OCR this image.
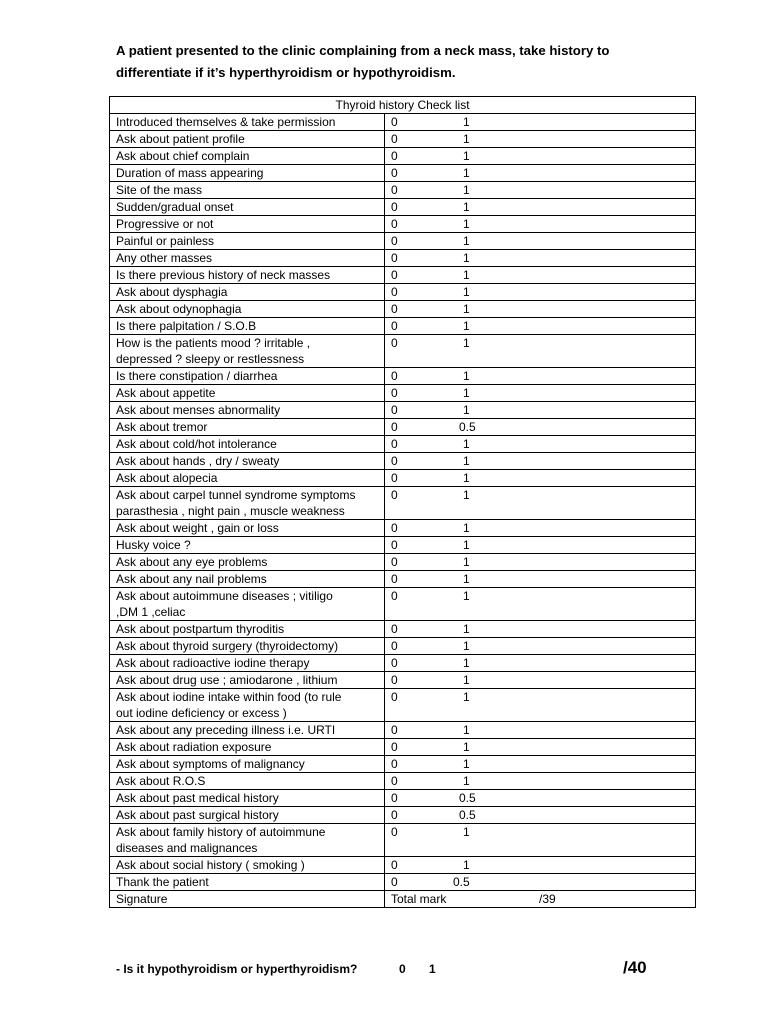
A patient presented to the clinic complaining from a neck mass, take history to
differentiate if it’s hyperthyroidism or hypothyroidism.
Thyroid history Check list	

Introduced themselves & take permission	0 1

Ask about patient profile	0 1

Ask about chief complain	0 1

Duration of mass appearing	0 1

Site of the mass	0 1

Sudden/gradual onset	0 1

Progressive or not	0 1

Painful or painless	0 1

Any other masses	0 1

Is there previous history of neck masses	0 1

Ask about dysphagia	0 1

Ask about odynophagia	0 1

Is there palpitation / S.O.B	0 1

How is the patients mood ? irritable ,
depressed ? sleepy or restlessness	0 1

Is there constipation / diarrhea	0 1

Ask about appetite	0 1

Ask about menses abnormality	0 1

Ask about tremor	0 0.5

Ask about cold/hot intolerance	0 1

Ask about hands , dry / sweaty	0 1

Ask about alopecia	0 1

Ask about carpel tunnel syndrome symptoms
parasthesia , night pain , muscle weakness	0 1

Ask about weight , gain or loss	0 1

Husky voice ?	0 1

Ask about any eye problems	0 1

Ask about any nail problems	0 1

Ask about autoimmune diseases ; vitiligo
,DM 1 ,celiac	0 1

Ask about postpartum thyroditis	0 1

Ask about thyroid surgery (thyroidectomy)	0 1

Ask about radioactive iodine therapy	0 1

Ask about drug use ; amiodarone , lithium	0 1

Ask about iodine intake within food (to rule
out iodine deficiency or excess )	0 1

Ask about any preceding illness i.e. URTI	0 1

Ask about radiation exposure	0 1

Ask about symptoms of malignancy	0 1

Ask about R.O.S	0 1

Ask about past medical history	0 0.5

Ask about past surgical history	0 0.5

Ask about family history of autoimmune
diseases and malignances	0 1

Ask about social history ( smoking )	0 1

Thank the patient	0 0.5
Signature	Total mark /39
- Is it hypothyroidism or hyperthyroidism?	0 1	/40
